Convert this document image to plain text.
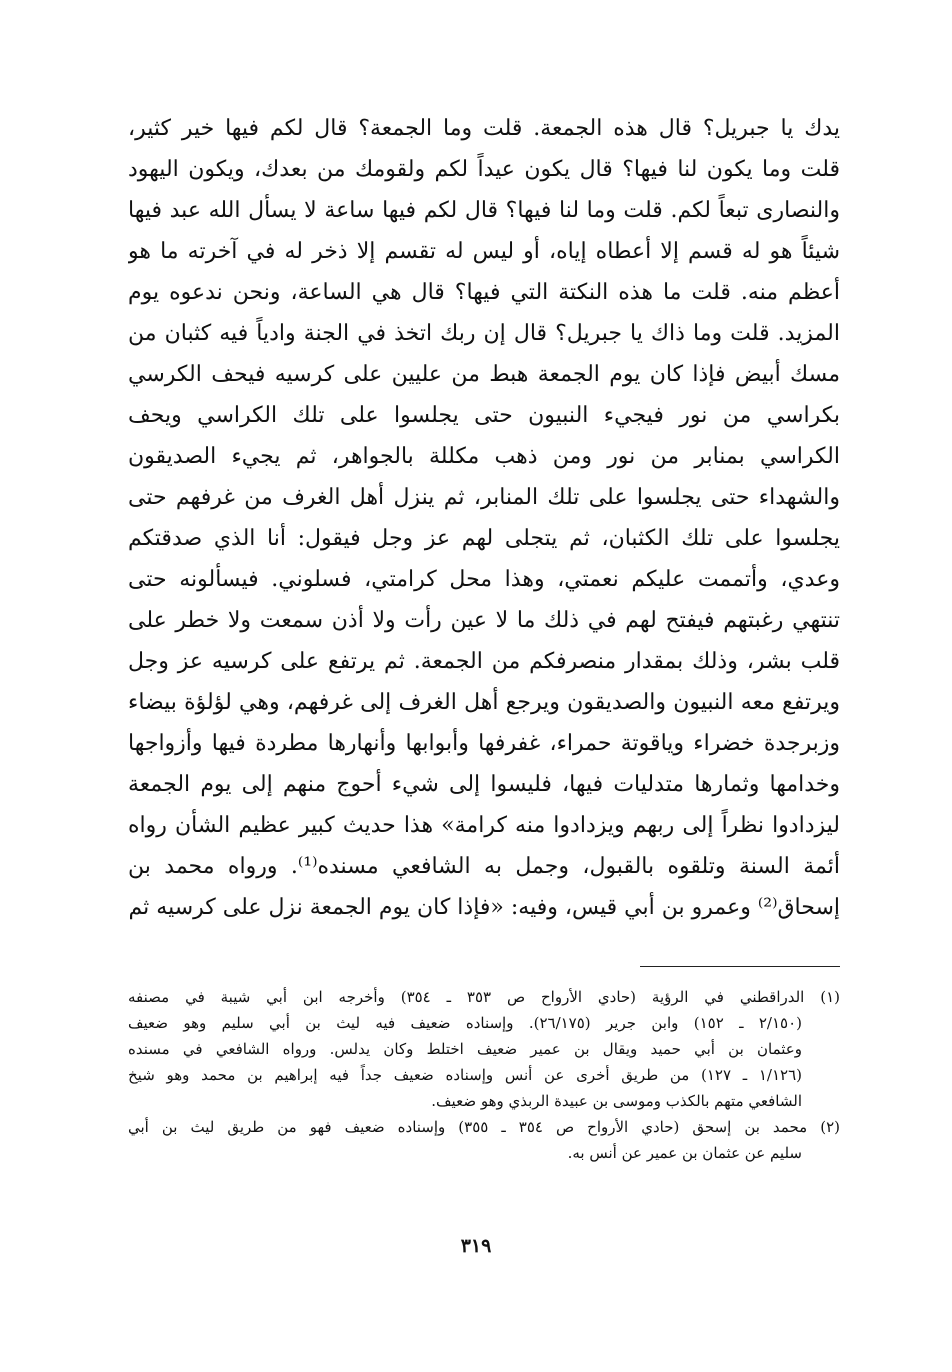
يدك يا جبريل؟ قال هذه الجمعة. قلت وما الجمعة؟ قال لكم فيها خير كثير،
قلت وما يكون لنا فيها؟ قال يكون عيداً لكم ولقومك من بعدك، ويكون اليهود
والنصارى تبعاً لكم. قلت وما لنا فيها؟ قال لكم فيها ساعة لا يسأل الله عبد فيها
شيئاً هو له قسم إلا أعطاه إياه، أو ليس له تقسم إلا ذخر له في آخرته ما هو
أعظم منه. قلت ما هذه النكتة التي فيها؟ قال هي الساعة، ونحن ندعوه يوم
المزيد. قلت وما ذاك يا جبريل؟ قال إن ربك اتخذ في الجنة وادياً فيه كثبان من
مسك أبيض فإذا كان يوم الجمعة هبط من عليين على كرسيه فيحف الكرسي
بكراسي من نور فيجيء النبيون حتى يجلسوا على تلك الكراسي ويحف
الكراسي بمنابر من نور ومن ذهب مكللة بالجواهر، ثم يجيء الصديقون
والشهداء حتى يجلسوا على تلك المنابر، ثم ينزل أهل الغرف من غرفهم حتى
يجلسوا على تلك الكثبان، ثم يتجلى لهم عز وجل فيقول: أنا الذي صدقتكم
وعدي، وأتممت عليكم نعمتي، وهذا محل كرامتي، فسلوني. فيسألونه حتى
تنتهي رغبتهم فيفتح لهم في ذلك ما لا عين رأت ولا أذن سمعت ولا خطر على
قلب بشر، وذلك بمقدار منصرفكم من الجمعة. ثم يرتفع على كرسيه عز وجل
ويرتفع معه النبيون والصديقون ويرجع أهل الغرف إلى غرفهم، وهي لؤلؤة بيضاء
وزبرجدة خضراء وياقوتة حمراء، غفرفها وأبوابها وأنهارها مطردة فيها وأزواجها
وخدامها وثمارها متدليات فيها، فليسوا إلى شيء أحوج منهم إلى يوم الجمعة
ليزدادوا نظراً إلى ربهم ويزدادوا منه كرامة» هذا حديث كبير عظيم الشأن رواه
أئمة السنة وتلقوه بالقبول، وجمل به الشافعي مسنده⁽¹⁾. ورواه محمد بن
إسحاق⁽²⁾ وعمرو بن أبي قيس، وفيه: «فإذا كان يوم الجمعة نزل على كرسيه ثم
(١) الدراقطني في الرؤية (حادي الأرواح ص ٣٥٣ ـ ٣٥٤) وأخرجه ابن أبي شيبة في مصنفه
(٢/١٥٠ ـ ١٥٢) وابن جرير (٢٦/١٧٥). وإسناده ضعيف فيه ليث بن أبي سليم وهو ضعيف
وعثمان بن أبي حميد ويقال بن عمير ضعيف اختلط وكان يدلس. ورواه الشافعي في مسنده
(١/١٢٦ ـ ١٢٧) من طريق أخرى عن أنس وإسناده ضعيف جداً فيه إبراهيم بن محمد وهو شيخ
الشافعي متهم بالكذب وموسى بن عبيدة الربذي وهو ضعيف.
(٢) محمد بن إسحق (حادي الأرواح ص ٣٥٤ ـ ٣٥٥) وإسناده ضعيف فهو من طريق ليث بن أبي
سليم عن عثمان بن عمير عن أنس به.
٣١٩
